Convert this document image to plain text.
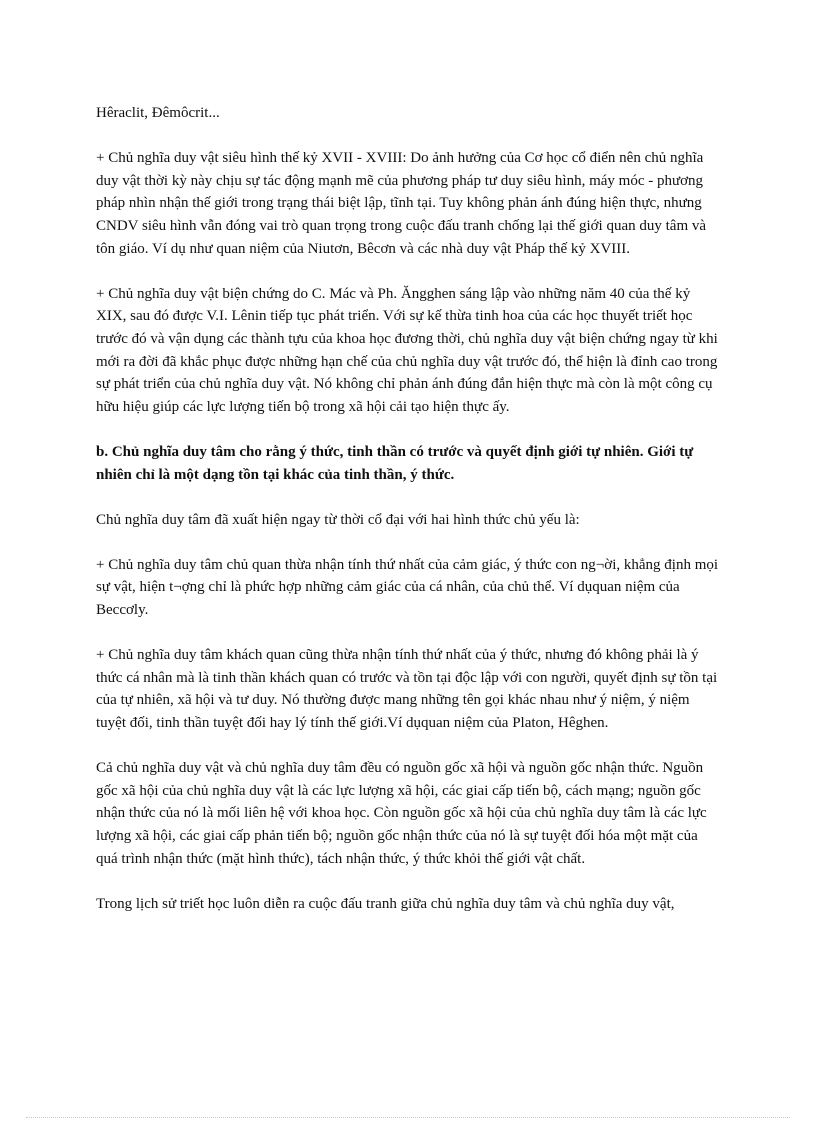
Hêraclit, Đêmôcrit...

+ Chủ nghĩa duy vật siêu hình thế kỷ XVII - XVIII: Do ảnh hưởng của Cơ học cổ điển nên chủ nghĩa duy vật thời kỳ này chịu sự tác động mạnh mẽ của phương pháp tư duy siêu hình, máy móc - phương pháp nhìn nhận thế giới trong trạng thái biệt lập, tĩnh tại. Tuy không phản ánh đúng hiện thực, nhưng CNDV siêu hình vẫn đóng vai trò quan trọng trong cuộc đấu tranh chống lại thế giới quan duy tâm và tôn giáo. Ví dụ như quan niệm của Niutơn, Bêcơn và các nhà duy vật Pháp thế kỷ XVIII.

+ Chủ nghĩa duy vật biện chứng do C. Mác và Ph. Ăngghen sáng lập vào những năm 40 của thế kỷ XIX, sau đó được V.I. Lênin tiếp tục phát triển. Với sự kế thừa tinh hoa của các học thuyết triết học trước đó và vận dụng các thành tựu của khoa học đương thời, chủ nghĩa duy vật biện chứng ngay từ khi mới ra đời đã khắc phục được những hạn chế của chủ nghĩa duy vật trước đó, thể hiện là đỉnh cao trong sự phát triển của chủ nghĩa duy vật. Nó không chỉ phản ánh đúng đắn hiện thực mà còn là một công cụ hữu hiệu giúp các lực lượng tiến bộ trong xã hội cải tạo hiện thực ấy.

b. Chủ nghĩa duy tâm cho rằng ý thức, tinh thần có trước và quyết định giới tự nhiên. Giới tự nhiên chỉ là một dạng tồn tại khác của tinh thần, ý thức.

Chủ nghĩa duy tâm đã xuất hiện ngay từ thời cổ đại với hai hình thức chủ yếu là:

+ Chủ nghĩa duy tâm chủ quan thừa nhận tính thứ nhất của cảm giác, ý thức con ng¬ời, khẳng định mọi sự vật, hiện t¬ợng chỉ là phức hợp những cảm giác của cá nhân, của chủ thể. Ví dụquan niệm của Beccơly.

+ Chủ nghĩa duy tâm khách quan cũng thừa nhận tính thứ nhất của ý thức, nhưng đó không phải là ý thức cá nhân mà là tinh thần khách quan có trước và tồn tại độc lập với con người, quyết định sự tồn tại của tự nhiên, xã hội và tư duy. Nó thường được mang những tên gọi khác nhau như ý niệm, ý niệm tuyệt đối, tinh thần tuyệt đối hay lý tính thế giới.Ví dụquan niệm của Platon, Hêghen.

Cả chủ nghĩa duy vật và chủ nghĩa duy tâm đều có nguồn gốc xã hội và nguồn gốc nhận thức. Nguồn gốc xã hội của chủ nghĩa duy vật là các lực lượng xã hội, các giai cấp tiến bộ, cách mạng; nguồn gốc nhận thức của nó là mối liên hệ với khoa học. Còn nguồn gốc xã hội của chủ nghĩa duy tâm là các lực lượng xã hội, các giai cấp phản tiến bộ; nguồn gốc nhận thức của nó là sự tuyệt đối hóa một mặt của quá trình nhận thức (mặt hình thức), tách nhận thức, ý thức khỏi thế giới vật chất.

Trong lịch sử triết học luôn diễn ra cuộc đấu tranh giữa chủ nghĩa duy tâm và chủ nghĩa duy vật,
